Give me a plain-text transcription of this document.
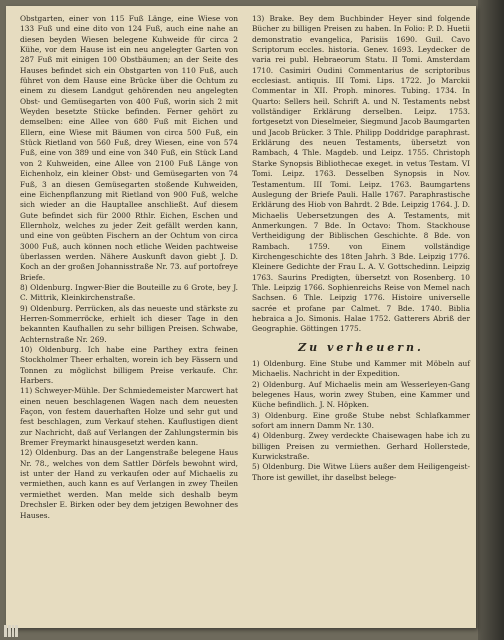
Obstgarten, einer von 115 Fuß Länge, eine Wiese von 133 Fuß und eine dito von 124 Fuß, auch eine nahe an diesen beyden Wiesen belegene Kuhweide für circa 2 Kühe, vor dem Hause ist ein neu angelegter Garten von 287 Fuß mit einigen 100 Obstbäumen; an der Seite des Hauses befindet sich ein Obstgarten von 110 Fuß, auch führet von dem Hause eine Brücke über die Ochtum zu einem zu diesem Landgut gehörenden neu angelegten Obst- und Gemüsegarten von 400 Fuß, worin sich 2 mit Weyden besetzte Stücke befinden. Ferner gehört zu demselben: eine Allee von 680 Fuß mit Eichen und Ellern, eine Wiese mit Bäumen von circa 500 Fuß, ein Stück Rietland von 560 Fuß, drey Wiesen, eine von 574 Fuß, eine von 389 und eine von 340 Fuß, ein Stück Land von 2 Kuhweiden, eine Allee von 2100 Fuß Länge von Eichenholz, ein kleiner Obst- und Gemüsegarten von 74 Fuß, 3 an diesen Gemüsegarten stoßende Kuhweiden, eine Eichenpflanzung mit Rietland von 900 Fuß, welche sich wieder an die Hauptallee anschließt. Auf diesem Gute befindet sich für 2000 Rthlr. Eichen, Eschen und Ellernholz, welches zu jeder Zeit gefällt werden kann, und eine von geübten Fischern an der Ochtum von circa 3000 Fuß, auch können noch etliche Weiden pachtweise überlassen werden. Nähere Auskunft davon giebt J. D. Koch an der großen Johannisstraße Nr. 73. auf portofreye Briefe.

8) Oldenburg. Ingwer-Bier die Bouteille zu 6 Grote, bey J. C. Mittrik, Kleinkirchenstraße.

9) Oldenburg. Perrücken, als das neueste und stärkste zu Herren-Sommerröcke, erhielt ich dieser Tage in den bekannten Kaufhallen zu sehr billigen Preisen. Schwabe, Achternstraße Nr. 269.

10) Oldenburg. Ich habe eine Parthey extra feinen Stockholmer Theer erhalten, worein ich bey Fässern und Tonnen zu möglichst billigem Preise verkaufe. Chr. Harbers.

11) Schweyer-Mühle. Der Schmiedemeister Marcwert hat einen neuen beschlagenen Wagen nach dem neuesten Façon, von festem dauerhaften Holze und sehr gut und fest beschlagen, zum Verkauf stehen. Kauflustigen dient zur Nachricht, daß auf Verlangen der Zahlungstermin bis Bremer Freymarkt hinausgesetzt werden kann.

12) Oldenburg. Das an der Langenstraße belegene Haus Nr. 78., welches von dem Sattler Dörfels bewohnt wird, ist unter der Hand zu verkaufen oder auf Michaelis zu vermiethen, auch kann es auf Verlangen in zwey Theilen vermiethet werden. Man melde sich deshalb beym Drechsler E. Birken oder bey dem jetzigen Bewohner des Hauses.

13) Brake. Bey dem Buchbinder Heyer sind folgende Bücher zu billigen Preisen zu haben. In Folio: P. D. Huetii demonstratio evangelica, Parisiis 1690. Guil. Cavo Scriptorum eccles. historia. Genev. 1693. Leydecker de varia rei publ. Hebraeorum Statu. II Tomi. Amsterdam 1710. Casimiri Oudini Commentarius de scriptoribus ecclesiast. antiquis. III Tomi. Lips. 1722. Jo Marckii Commentar in XII. Proph. minores. Tubing. 1734. In Quarto: Sellers heil. Schrift A. und N. Testaments nebst vollständiger Erklärung derselben. Leipz. 1753. fortgesetzt von Dieselmeier, Siegmund Jacob Baumgarten und Jacob Brücker. 3 Thle. Philipp Doddridge paraphrast. Erklärung des neuen Testaments, übersetzt von Rambach, 4 Thle. Magdeb. und Leipz. 1755. Christoph Starke Synopsis Bibliothecae exeget. in vetus Testam. VI Tomi. Leipz. 1763. Desselben Synopsis in Nov. Testamentum. III Tomi. Leipz. 1763. Baumgartens Auslegung der Briefe Pauli. Halle 1767. Paraphrastische Erklärung des Hiob von Bahrdt. 2 Bde. Leipzig 1764. J. D. Michaelis Uebersetzungen des A. Testaments, mit Anmerkungen. 7 Bde. In Octavo: Thom. Stackhouse Vertheidigung der Biblischen Geschichte. 8 Bde. von Rambach. 1759. von Einem vollständige Kirchengeschichte des 18ten Jahrh. 3 Bde. Leipzig 1776. Kleinere Gedichte der Frau L. A. V. Gottschedinn. Leipzig 1763. Saurins Predigten, übersetzt von Rosenberg. 10 Thle. Leipzig 1766. Sophienreichs Reise von Memel nach Sachsen. 6 Thle. Leipzig 1776. Histoire universelle sacrée et profane par Calmet. 7 Bde. 1740. Biblia hebraica a Jo. Simonis. Halae 1752. Gatterers Abriß der Geographie. Göttingen 1775.

Zu verheuern.

1) Oldenburg. Eine Stube und Kammer mit Möbeln auf Michaelis. Nachricht in der Expedition.

2) Oldenburg. Auf Michaelis mein am Wesserleyen-Gang belegenes Haus, worin zwey Stuben, eine Kammer und Küche befindlich. J. N. Höpken.

3) Oldenburg. Eine große Stube nebst Schlafkammer sofort am innern Damm Nr. 130.

4) Oldenburg. Zwey verdeckte Chaisewagen habe ich zu billigen Preisen zu vermiethen. Gerhard Hollerstede, Kurwickstraße.

5) Oldenburg. Die Witwe Lüers außer dem Heiligengeist-Thore ist gewillet, ihr daselbst belege-
